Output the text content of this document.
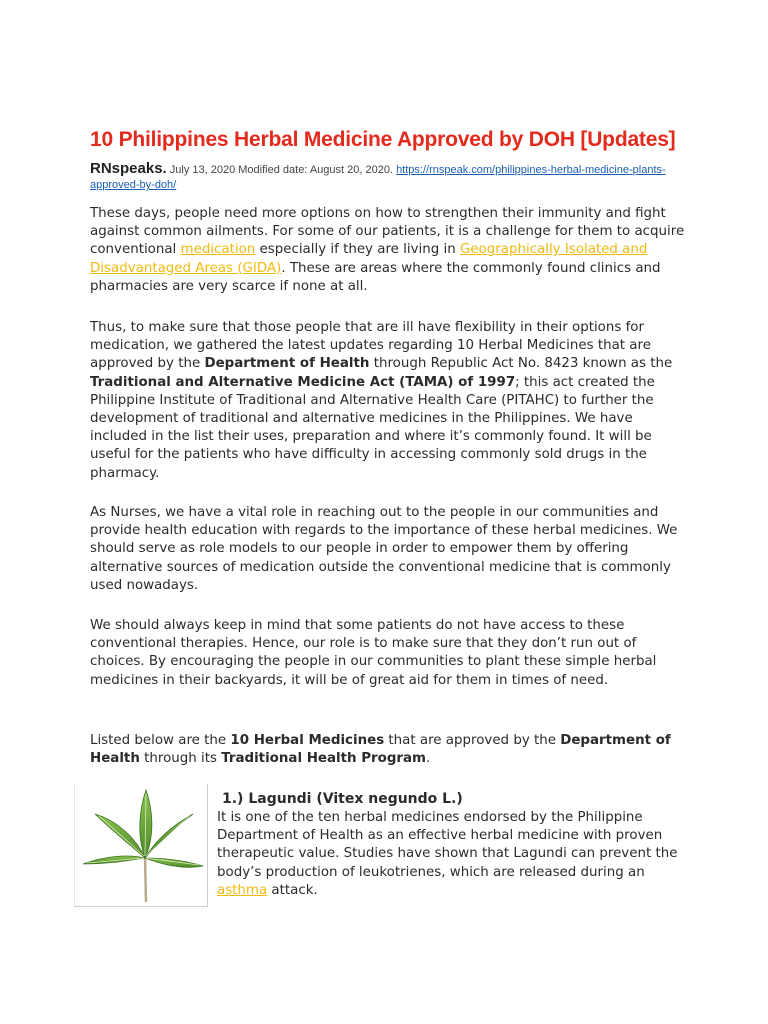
10 Philippines Herbal Medicine Approved by DOH [Updates]
RNspeaks. July 13, 2020 Modified date: August 20, 2020. https://rnspeak.com/philippines-herbal-medicine-plants-approved-by-doh/

These days, people need more options on how to strengthen their immunity and fight against common ailments. For some of our patients, it is a challenge for them to acquire conventional medication especially if they are living in Geographically Isolated and Disadvantaged Areas (GIDA). These are areas where the commonly found clinics and pharmacies are very scarce if none at all.

Thus, to make sure that those people that are ill have flexibility in their options for medication, we gathered the latest updates regarding 10 Herbal Medicines that are approved by the Department of Health through Republic Act No. 8423 known as the Traditional and Alternative Medicine Act (TAMA) of 1997; this act created the Philippine Institute of Traditional and Alternative Health Care (PITAHC) to further the development of traditional and alternative medicines in the Philippines. We have included in the list their uses, preparation and where it’s commonly found. It will be useful for the patients who have difficulty in accessing commonly sold drugs in the pharmacy.

As Nurses, we have a vital role in reaching out to the people in our communities and provide health education with regards to the importance of these herbal medicines. We should serve as role models to our people in order to empower them by offering alternative sources of medication outside the conventional medicine that is commonly used nowadays.

We should always keep in mind that some patients do not have access to these conventional therapies. Hence, our role is to make sure that they don’t run out of choices. By encouraging the people in our communities to plant these simple herbal medicines in their backyards, it will be of great aid for them in times of need.

Listed below are the 10 Herbal Medicines that are approved by the Department of Health through its Traditional Health Program.

1.) Lagundi (Vitex negundo L.)

It is one of the ten herbal medicines endorsed by the Philippine Department of Health as an effective herbal medicine with proven therapeutic value. Studies have shown that Lagundi can prevent the body’s production of leukotrienes, which are released during an asthma attack.
